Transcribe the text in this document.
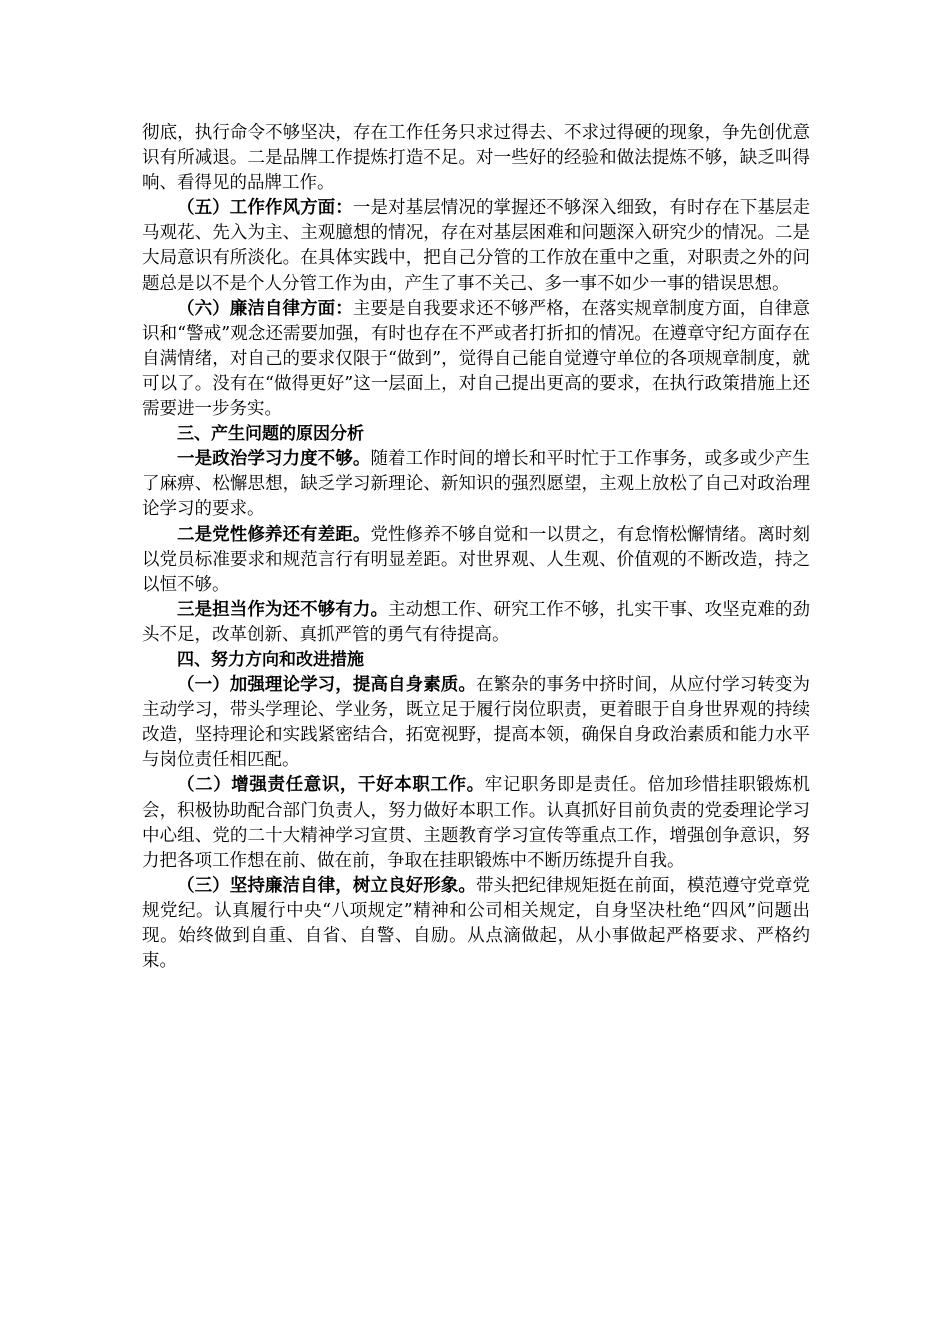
彻底，执行命令不够坚决，存在工作任务只求过得去、不求过得硬的现象，争先创优意识有所减退。二是品牌工作提炼打造不足。对一些好的经验和做法提炼不够，缺乏叫得响、看得见的品牌工作。

（五）工作作风方面：一是对基层情况的掌握还不够深入细致，有时存在下基层走马观花、先入为主、主观臆想的情况，存在对基层困难和问题深入研究少的情况。二是大局意识有所淡化。在具体实践中，把自己分管的工作放在重中之重，对职责之外的问题总是以不是个人分管工作为由，产生了事不关己、多一事不如少一事的错误思想。

（六）廉洁自律方面：主要是自我要求还不够严格，在落实规章制度方面，自律意识和“警戒”观念还需要加强，有时也存在不严或者打折扣的情况。在遵章守纪方面存在自满情绪，对自己的要求仅限于“做到”，觉得自己能自觉遵守单位的各项规章制度，就可以了。没有在“做得更好”这一层面上，对自己提出更高的要求，在执行政策措施上还需要进一步务实。

三、产生问题的原因分析

一是政治学习力度不够。随着工作时间的增长和平时忙于工作事务，或多或少产生了麻痹、松懈思想，缺乏学习新理论、新知识的强烈愿望，主观上放松了自己对政治理论学习的要求。

二是党性修养还有差距。党性修养不够自觉和一以贯之，有怠惰松懈情绪。离时刻以党员标准要求和规范言行有明显差距。对世界观、人生观、价值观的不断改造，持之以恒不够。

三是担当作为还不够有力。主动想工作、研究工作不够，扎实干事、攻坚克难的劲头不足，改革创新、真抓严管的勇气有待提高。

四、努力方向和改进措施

（一）加强理论学习，提高自身素质。在繁杂的事务中挤时间，从应付学习转变为主动学习，带头学理论、学业务，既立足于履行岗位职责，更着眼于自身世界观的持续改造，坚持理论和实践紧密结合，拓宽视野，提高本领，确保自身政治素质和能力水平与岗位责任相匹配。

（二）增强责任意识，干好本职工作。牢记职务即是责任。倍加珍惜挂职锻炼机会，积极协助配合部门负责人，努力做好本职工作。认真抓好目前负责的党委理论学习中心组、党的二十大精神学习宣贯、主题教育学习宣传等重点工作，增强创争意识，努力把各项工作想在前、做在前，争取在挂职锻炼中不断历练提升自我。

（三）坚持廉洁自律，树立良好形象。带头把纪律规矩挺在前面，模范遵守党章党规党纪。认真履行中央“八项规定”精神和公司相关规定，自身坚决杜绝“四风”问题出现。始终做到自重、自省、自警、自励。从点滴做起，从小事做起严格要求、严格约束。
